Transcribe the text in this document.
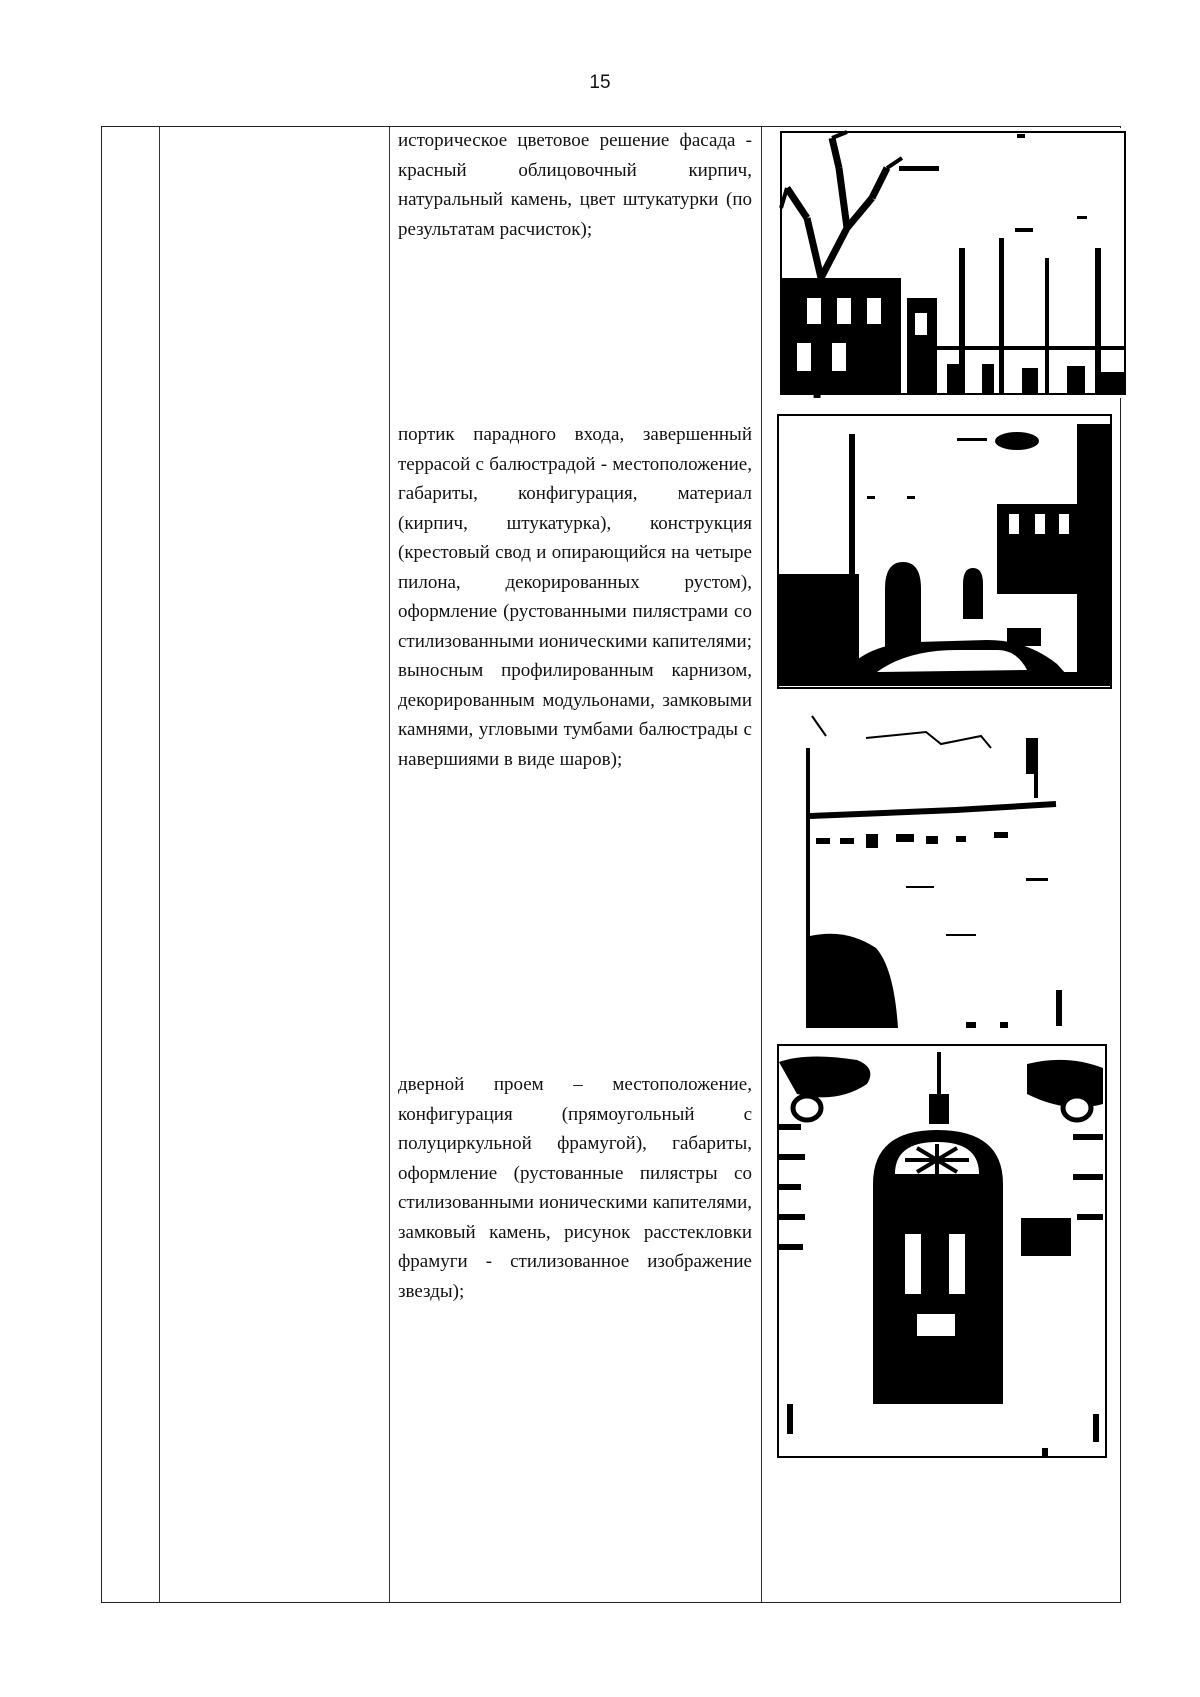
15
историческое цветовое решение фасада - красный облицовочный кирпич, натуральный камень, цвет штукатурки (по результатам расчисток);
портик парадного входа, завершенный террасой с балюстрадой - местоположение, габариты, конфигурация, материал (кирпич, штукатурка), конструкция (крестовый свод и опирающийся на четыре пилона, декорированных рустом), оформление (рустованными пилястрами со стилизованными ионическими капителями; выносным профилированным карнизом, декорированным модульонами, замковыми камнями, угловыми тумбами балюстрады с навершиями в виде шаров);
дверной проем – местоположение, конфигурация (прямоугольный с полуциркульной фрамугой), габариты, оформление (рустованные пилястры со стилизованными ионическими капителями, замковый камень, рисунок расстекловки фрамуги - стилизованное изображение звезды);
